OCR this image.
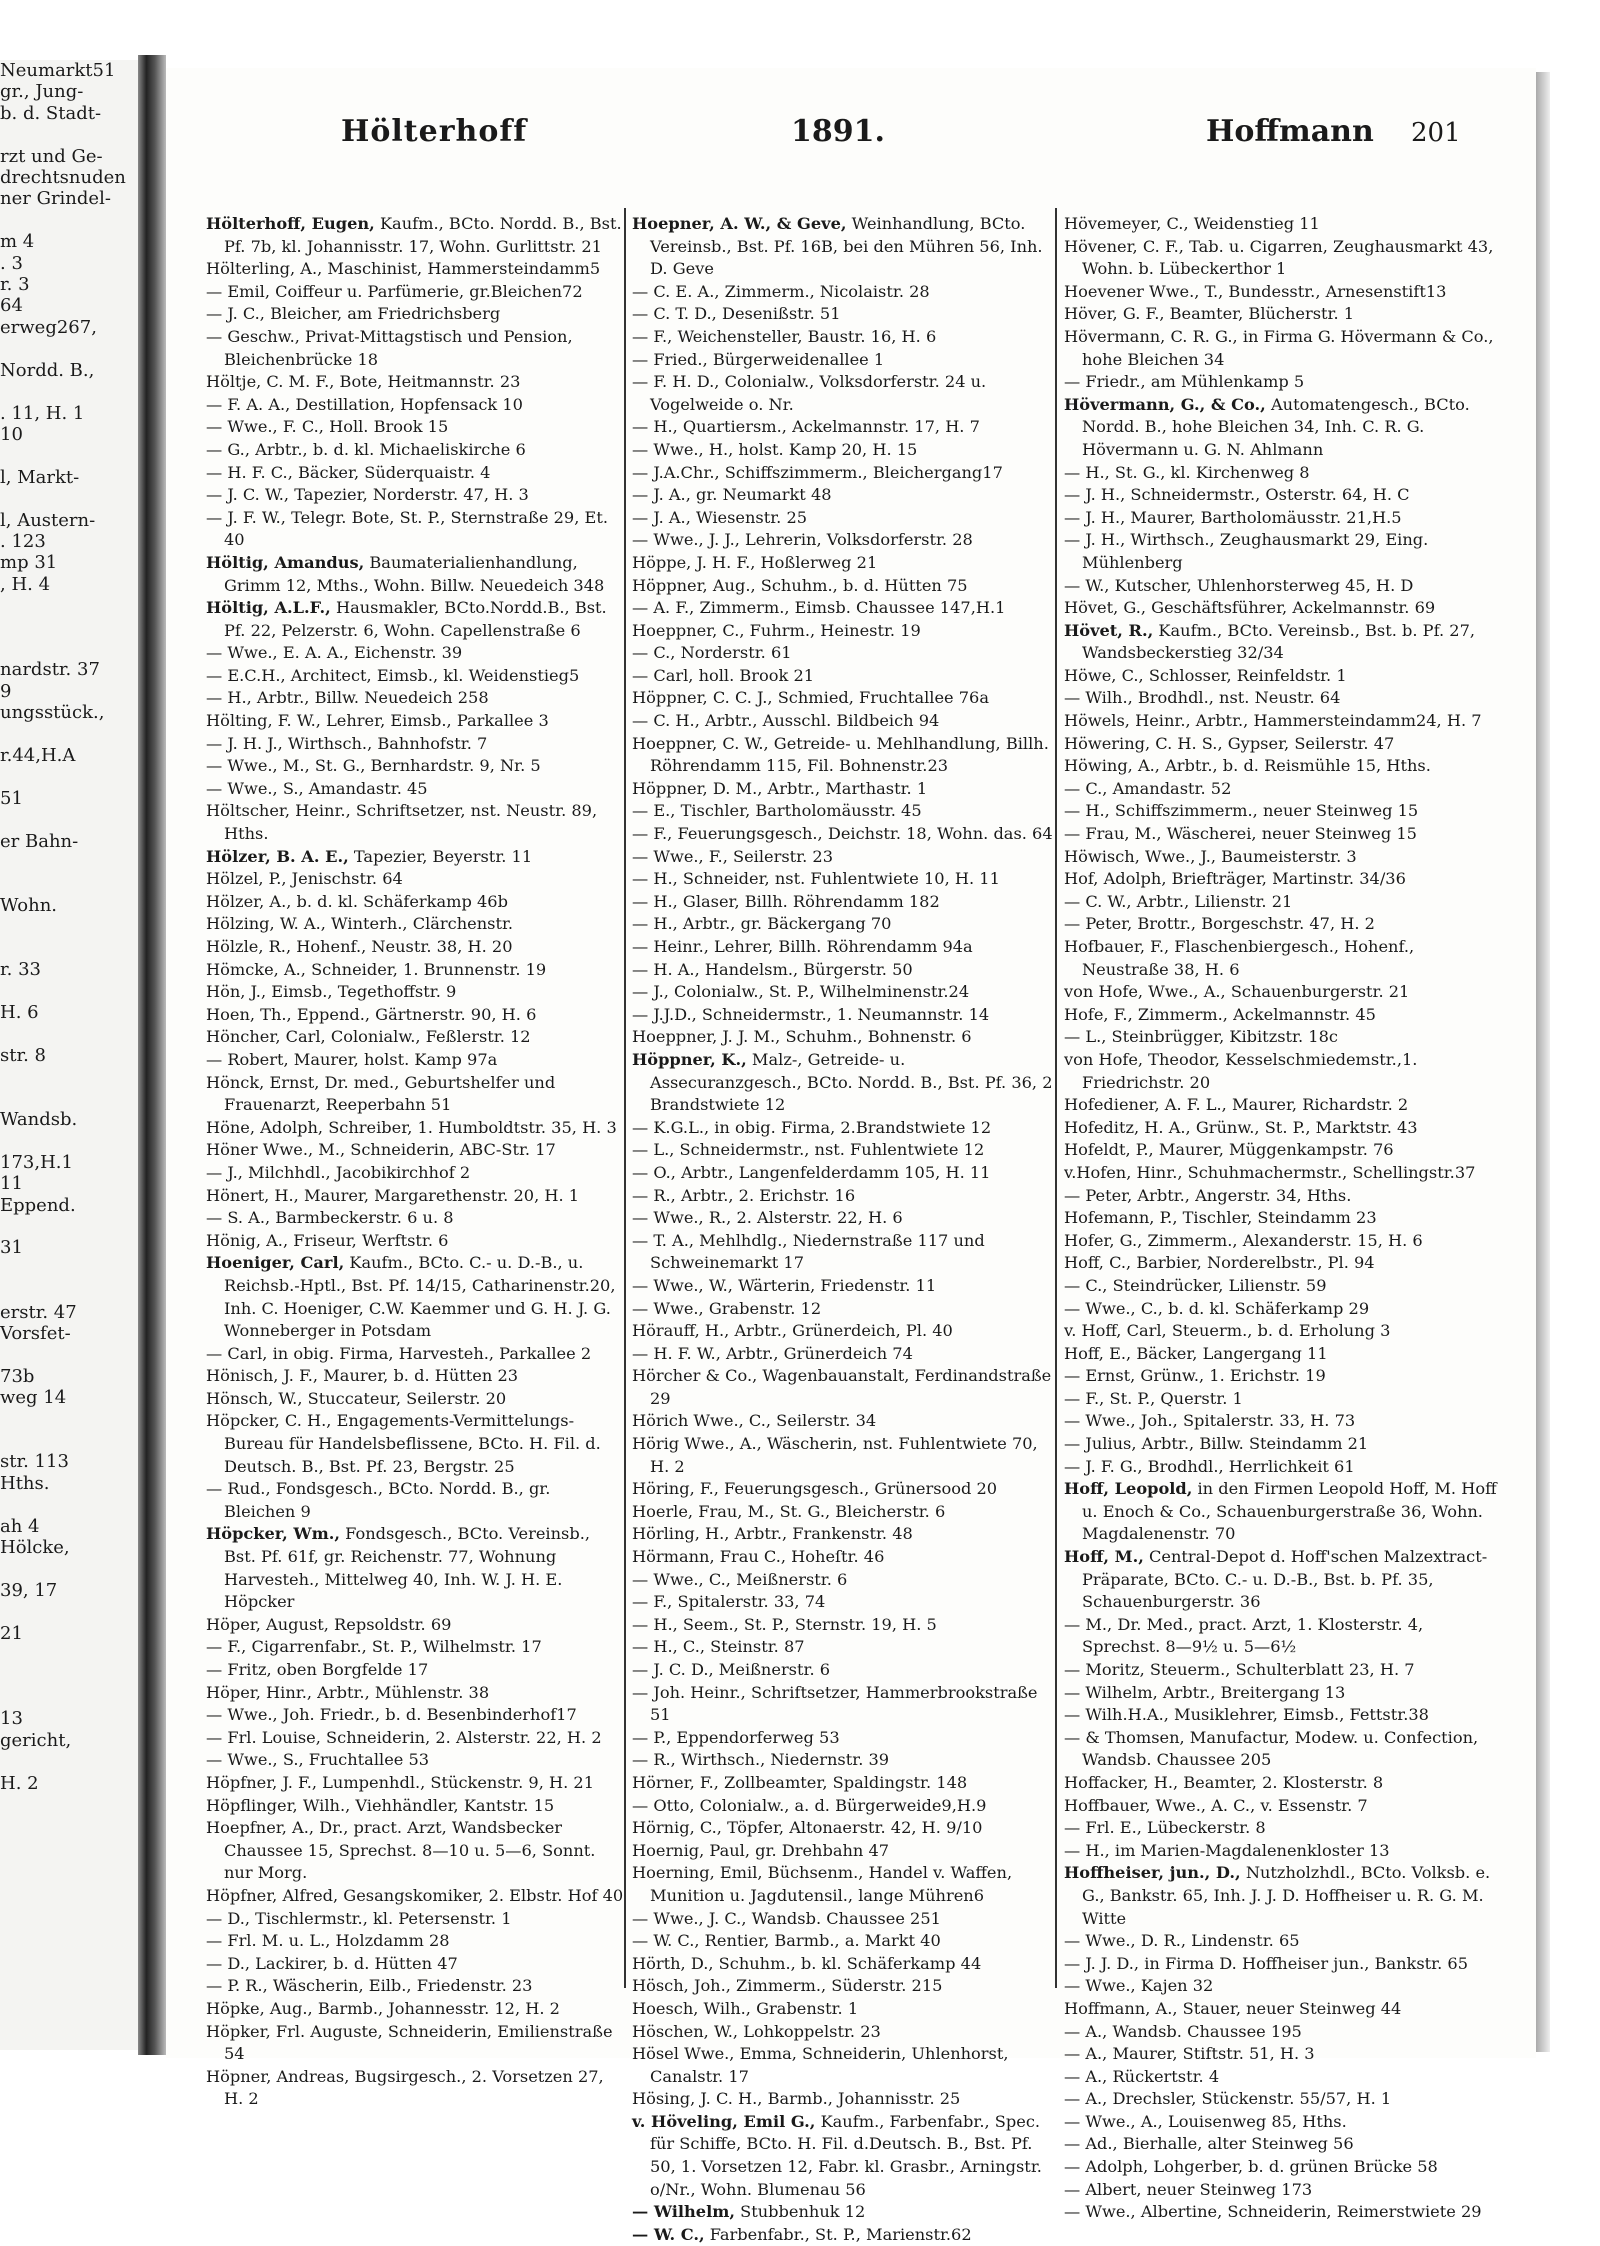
Neumarkt51
gr., Jung-
b. d. Stadt-

rzt und Ge-
drechtsnuden
ner Grindel-

m 4
. 3
r. 3
64
erweg267,

Nordd. B.,

. 11, H. 1
10

l, Markt-

l, Austern-
. 123
mp 31
, H. 4

nardstr. 37
9
ungsstück.,

r.44,H.A

51

er Bahn-

Wohn.

r. 33

H. 6

str. 8

Wandsb.

173,H.1
11
Eppend.

31

erstr. 47
Vorsfet-

73b
weg 14

str. 113
Hths.

ah 4
Hölcke,

39, 17

21

13
gericht,

H. 2
Hölterhoff	1891.	Hoffmann 201
Hölterhoff, Eugen, Kaufm., BCto. Nordd. B., Bst. Pf. 7b, kl. Johannisstr. 17, Wohn. Gurlittstr. 21
Hölterling, A., Maschinist, Hammersteindamm5
— Emil, Coiffeur u. Parfümerie, gr.Bleichen72
— J. C., Bleicher, am Friedrichsberg
— Geschw., Privat-Mittagstisch und Pension, Bleichenbrücke 18
Höltje, C. M. F., Bote, Heitmannstr. 23
— F. A. A., Destillation, Hopfensack 10
— Wwe., F. C., Holl. Brook 15
— G., Arbtr., b. d. kl. Michaeliskirche 6
— H. F. C., Bäcker, Süderquaistr. 4
— J. C. W., Tapezier, Norderstr. 47, H. 3
— J. F. W., Telegr. Bote, St. P., Sternstraße 29, Et. 40
Höltig, Amandus, Baumaterialienhandlung, Grimm 12, Mths., Wohn. Billw. Neuedeich 348
Höltig, A.L.F., Hausmakler, BCto.Nordd.B., Bst. Pf. 22, Pelzerstr. 6, Wohn. Capellenstraße 6
— Wwe., E. A. A., Eichenstr. 39
— E.C.H., Architect, Eimsb., kl. Weidenstieg5
— H., Arbtr., Billw. Neuedeich 258
Hölting, F. W., Lehrer, Eimsb., Parkallee 3
— J. H. J., Wirthsch., Bahnhofstr. 7
— Wwe., M., St. G., Bernhardstr. 9, Nr. 5
— Wwe., S., Amandastr. 45
Höltscher, Heinr., Schriftsetzer, nst. Neustr. 89, Hths.
Hölzer, B. A. E., Tapezier, Beyerstr. 11
Hölzel, P., Jenischstr. 64
Hölzer, A., b. d. kl. Schäferkamp 46b
Hölzing, W. A., Winterh., Clärchenstr.
Hölzle, R., Hohenf., Neustr. 38, H. 20
Hömcke, A., Schneider, 1. Brunnenstr. 19
Hön, J., Eimsb., Tegethoffstr. 9
Hoen, Th., Eppend., Gärtnerstr. 90, H. 6
Höncher, Carl, Colonialw., Feßlerstr. 12
— Robert, Maurer, holst. Kamp 97a
Hönck, Ernst, Dr. med., Geburtshelfer und Frauenarzt, Reeperbahn 51
Höne, Adolph, Schreiber, 1. Humboldtstr. 35, H. 3
Höner Wwe., M., Schneiderin, ABC-Str. 17
— J., Milchhdl., Jacobikirchhof 2
Hönert, H., Maurer, Margarethenstr. 20, H. 1
— S. A., Barmbeckerstr. 6 u. 8
Hönig, A., Friseur, Werftstr. 6
Hoeniger, Carl, Kaufm., BCto. C.- u. D.-B., u. Reichsb.-Hptl., Bst. Pf. 14/15, Catharinenstr.20, Inh. C. Hoeniger, C.W. Kaemmer und G. H. J. G. Wonneberger in Potsdam
— Carl, in obig. Firma, Harvesteh., Parkallee 2
Hönisch, J. F., Maurer, b. d. Hütten 23
Hönsch, W., Stuccateur, Seilerstr. 20
Höpcker, C. H., Engagements-Vermittelungs-Bureau für Handelsbeflissene, BCto. H. Fil. d. Deutsch. B., Bst. Pf. 23, Bergstr. 25
— Rud., Fondsgesch., BCto. Nordd. B., gr. Bleichen 9
Höpcker, Wm., Fondsgesch., BCto. Vereinsb., Bst. Pf. 61f, gr. Reichenstr. 77, Wohnung Harvesteh., Mittelweg 40, Inh. W. J. H. E. Höpcker
Höper, August, Repsoldstr. 69
— F., Cigarrenfabr., St. P., Wilhelmstr. 17
— Fritz, oben Borgfelde 17
Höper, Hinr., Arbtr., Mühlenstr. 38
— Wwe., Joh. Friedr., b. d. Besenbinderhof17
— Frl. Louise, Schneiderin, 2. Alsterstr. 22, H. 2
— Wwe., S., Fruchtallee 53
Höpfner, J. F., Lumpenhdl., Stückenstr. 9, H. 21
Höpflinger, Wilh., Viehhändler, Kantstr. 15
Hoepfner, A., Dr., pract. Arzt, Wandsbecker Chaussee 15, Sprechst. 8—10 u. 5—6, Sonnt. nur Morg.
Höpfner, Alfred, Gesangskomiker, 2. Elbstr. Hof 40
— D., Tischlermstr., kl. Petersenstr. 1
— Frl. M. u. L., Holzdamm 28
— D., Lackirer, b. d. Hütten 47
— P. R., Wäscherin, Eilb., Friedenstr. 23
Höpke, Aug., Barmb., Johannesstr. 12, H. 2
Höpker, Frl. Auguste, Schneiderin, Emilienstraße 54
Höpner, Andreas, Bugsirgesch., 2. Vorsetzen 27, H. 2
Hoepner, A. W., & Geve, Weinhandlung, BCto. Vereinsb., Bst. Pf. 16B, bei den Mühren 56, Inh. D. Geve
— C. E. A., Zimmerm., Nicolaistr. 28
— C. T. D., Desenißstr. 51
— F., Weichensteller, Baustr. 16, H. 6
— Fried., Bürgerweidenallee 1
— F. H. D., Colonialw., Volksdorferstr. 24 u. Vogelweide o. Nr.
— H., Quartiersm., Ackelmannstr. 17, H. 7
— Wwe., H., holst. Kamp 20, H. 15
— J.A.Chr., Schiffszimmerm., Bleichergang17
— J. A., gr. Neumarkt 48
— J. A., Wiesenstr. 25
— Wwe., J. J., Lehrerin, Volksdorferstr. 28
Höppe, J. H. F., Hoßlerweg 21
Höppner, Aug., Schuhm., b. d. Hütten 75
— A. F., Zimmerm., Eimsb. Chaussee 147,H.1
Hoeppner, C., Fuhrm., Heinestr. 19
— C., Norderstr. 61
— Carl, holl. Brook 21
Höppner, C. C. J., Schmied, Fruchtallee 76a
— C. H., Arbtr., Ausschl. Bildbeich 94
Hoeppner, C. W., Getreide- u. Mehlhandlung, Billh. Röhrendamm 115, Fil. Bohnenstr.23
Höppner, D. M., Arbtr., Marthastr. 1
— E., Tischler, Bartholomäusstr. 45
— F., Feuerungsgesch., Deichstr. 18, Wohn. das. 64
— Wwe., F., Seilerstr. 23
— H., Schneider, nst. Fuhlentwiete 10, H. 11
— H., Glaser, Billh. Röhrendamm 182
— H., Arbtr., gr. Bäckergang 70
— Heinr., Lehrer, Billh. Röhrendamm 94a
— H. A., Handelsm., Bürgerstr. 50
— J., Colonialw., St. P., Wilhelminenstr.24
— J.J.D., Schneidermstr., 1. Neumannstr. 14
Hoeppner, J. J. M., Schuhm., Bohnenstr. 6
Höppner, K., Malz-, Getreide- u. Assecuranzgesch., BCto. Nordd. B., Bst. Pf. 36, 2 Brandstwiete 12
— K.G.L., in obig. Firma, 2.Brandstwiete 12
— L., Schneidermstr., nst. Fuhlentwiete 12
— O., Arbtr., Langenfelderdamm 105, H. 11
— R., Arbtr., 2. Erichstr. 16
— Wwe., R., 2. Alsterstr. 22, H. 6
— T. A., Mehlhdlg., Niedernstraße 117 und Schweinemarkt 17
— Wwe., W., Wärterin, Friedenstr. 11
— Wwe., Grabenstr. 12
Hörauff, H., Arbtr., Grünerdeich, Pl. 40
— H. F. W., Arbtr., Grünerdeich 74
Hörcher & Co., Wagenbauanstalt, Ferdinandstraße 29
Hörich Wwe., C., Seilerstr. 34
Hörig Wwe., A., Wäscherin, nst. Fuhlentwiete 70, H. 2
Höring, F., Feuerungsgesch., Grünersood 20
Hoerle, Frau, M., St. G., Bleicherstr. 6
Hörling, H., Arbtr., Frankenstr. 48
Hörmann, Frau C., Hoheſtr. 46
— Wwe., C., Meißnerstr. 6
— F., Spitalerstr. 33, 74
— H., Seem., St. P., Sternstr. 19, H. 5
— H., C., Steinstr. 87
— J. C. D., Meißnerstr. 6
— Joh. Heinr., Schriftsetzer, Hammerbrookstraße 51
— P., Eppendorferweg 53
— R., Wirthsch., Niedernstr. 39
Hörner, F., Zollbeamter, Spaldingstr. 148
— Otto, Colonialw., a. d. Bürgerweide9,H.9
Hörnig, C., Töpfer, Altonaerstr. 42, H. 9/10
Hoernig, Paul, gr. Drehbahn 47
Hoerning, Emil, Büchsenm., Handel v. Waffen, Munition u. Jagdutensil., lange Mühren6
— Wwe., J. C., Wandsb. Chaussee 251
— W. C., Rentier, Barmb., a. Markt 40
Hörth, D., Schuhm., b. kl. Schäferkamp 44
Hösch, Joh., Zimmerm., Süderstr. 215
Hoesch, Wilh., Grabenstr. 1
Höschen, W., Lohkoppelstr. 23
Hösel Wwe., Emma, Schneiderin, Uhlenhorst, Canalstr. 17
Hösing, J. C. H., Barmb., Johannisstr. 25
v. Höveling, Emil G., Kaufm., Farbenfabr., Spec. für Schiffe, BCto. H. Fil. d.Deutsch. B., Bst. Pf. 50, 1. Vorsetzen 12, Fabr. kl. Grasbr., Arningstr. o/Nr., Wohn. Blumenau 56
— Wilhelm, Stubbenhuk 12
— W. C., Farbenfabr., St. P., Marienstr.62
Hövemeyer, C., Weidenstieg 11
Hövener, C. F., Tab. u. Cigarren, Zeughausmarkt 43, Wohn. b. Lübeckerthor 1
Hoevener Wwe., T., Bundesstr., Arnesenstift13
Höver, G. F., Beamter, Blücherstr. 1
Hövermann, C. R. G., in Firma G. Hövermann & Co., hohe Bleichen 34
— Friedr., am Mühlenkamp 5
Hövermann, G., & Co., Automatengesch., BCto. Nordd. B., hohe Bleichen 34, Inh. C. R. G. Hövermann u. G. N. Ahlmann
— H., St. G., kl. Kirchenweg 8
— J. H., Schneidermstr., Osterstr. 64, H. C
— J. H., Maurer, Bartholomäusstr. 21,H.5
— J. H., Wirthsch., Zeughausmarkt 29, Eing. Mühlenberg
— W., Kutscher, Uhlenhorsterweg 45, H. D
Hövet, G., Geschäftsführer, Ackelmannstr. 69
Hövet, R., Kaufm., BCto. Vereinsb., Bst. b. Pf. 27, Wandsbeckerstieg 32/34
Höwe, C., Schlosser, Reinfeldstr. 1
— Wilh., Brodhdl., nst. Neustr. 64
Höwels, Heinr., Arbtr., Hammersteindamm24, H. 7
Höwering, C. H. S., Gypser, Seilerstr. 47
Höwing, A., Arbtr., b. d. Reismühle 15, Hths.
— C., Amandastr. 52
— H., Schiffszimmerm., neuer Steinweg 15
— Frau, M., Wäscherei, neuer Steinweg 15
Höwisch, Wwe., J., Baumeisterstr. 3
Hof, Adolph, Briefträger, Martinstr. 34/36
— C. W., Arbtr., Lilienstr. 21
— Peter, Brottr., Borgeschstr. 47, H. 2
Hofbauer, F., Flaschenbiergesch., Hohenf., Neustraße 38, H. 6
von Hofe, Wwe., A., Schauenburgerstr. 21
Hofe, F., Zimmerm., Ackelmannstr. 45
— L., Steinbrügger, Kibitzstr. 18c
von Hofe, Theodor, Kesselschmiedemstr.,1. Friedrichstr. 20
Hofediener, A. F. L., Maurer, Richardstr. 2
Hofeditz, H. A., Grünw., St. P., Marktstr. 43
Hofeldt, P., Maurer, Müggenkampstr. 76
v.Hofen, Hinr., Schuhmachermstr., Schellingstr.37
— Peter, Arbtr., Angerstr. 34, Hths.
Hofemann, P., Tischler, Steindamm 23
Hofer, G., Zimmerm., Alexanderstr. 15, H. 6
Hoff, C., Barbier, Norderelbstr., Pl. 94
— C., Steindrücker, Lilienstr. 59
— Wwe., C., b. d. kl. Schäferkamp 29
v. Hoff, Carl, Steuerm., b. d. Erholung 3
Hoff, E., Bäcker, Langergang 11
— Ernst, Grünw., 1. Erichstr. 19
— F., St. P., Querstr. 1
— Wwe., Joh., Spitalerstr. 33, H. 73
— Julius, Arbtr., Billw. Steindamm 21
— J. F. G., Brodhdl., Herrlichkeit 61
Hoff, Leopold, in den Firmen Leopold Hoff, M. Hoff u. Enoch & Co., Schauenburgerstraße 36, Wohn. Magdalenenstr. 70
Hoff, M., Central-Depot d. Hoff'schen Malzextract-Präparate, BCto. C.- u. D.-B., Bst. b. Pf. 35, Schauenburgerstr. 36
— M., Dr. Med., pract. Arzt, 1. Klosterstr. 4, Sprechst. 8—9½ u. 5—6½
— Moritz, Steuerm., Schulterblatt 23, H. 7
— Wilhelm, Arbtr., Breitergang 13
— Wilh.H.A., Musiklehrer, Eimsb., Fettstr.38
— & Thomsen, Manufactur, Modew. u. Confection, Wandsb. Chaussee 205
Hoffacker, H., Beamter, 2. Klosterstr. 8
Hoffbauer, Wwe., A. C., v. Essenstr. 7
— Frl. E., Lübeckerstr. 8
— H., im Marien-Magdalenenkloster 13
Hoffheiser, jun., D., Nutzholzhdl., BCto. Volksb. e. G., Bankstr. 65, Inh. J. J. D. Hoffheiser u. R. G. M. Witte
— Wwe., D. R., Lindenstr. 65
— J. J. D., in Firma D. Hoffheiser jun., Bankstr. 65
— Wwe., Kajen 32
Hoffmann, A., Stauer, neuer Steinweg 44
— A., Wandsb. Chaussee 195
— A., Maurer, Stiftstr. 51, H. 3
— A., Rückertstr. 4
— A., Drechsler, Stückenstr. 55/57, H. 1
— Wwe., A., Louisenweg 85, Hths.
— Ad., Bierhalle, alter Steinweg 56
— Adolph, Lohgerber, b. d. grünen Brücke 58
— Albert, neuer Steinweg 173
— Wwe., Albertine, Schneiderin, Reimerstwiete 29
